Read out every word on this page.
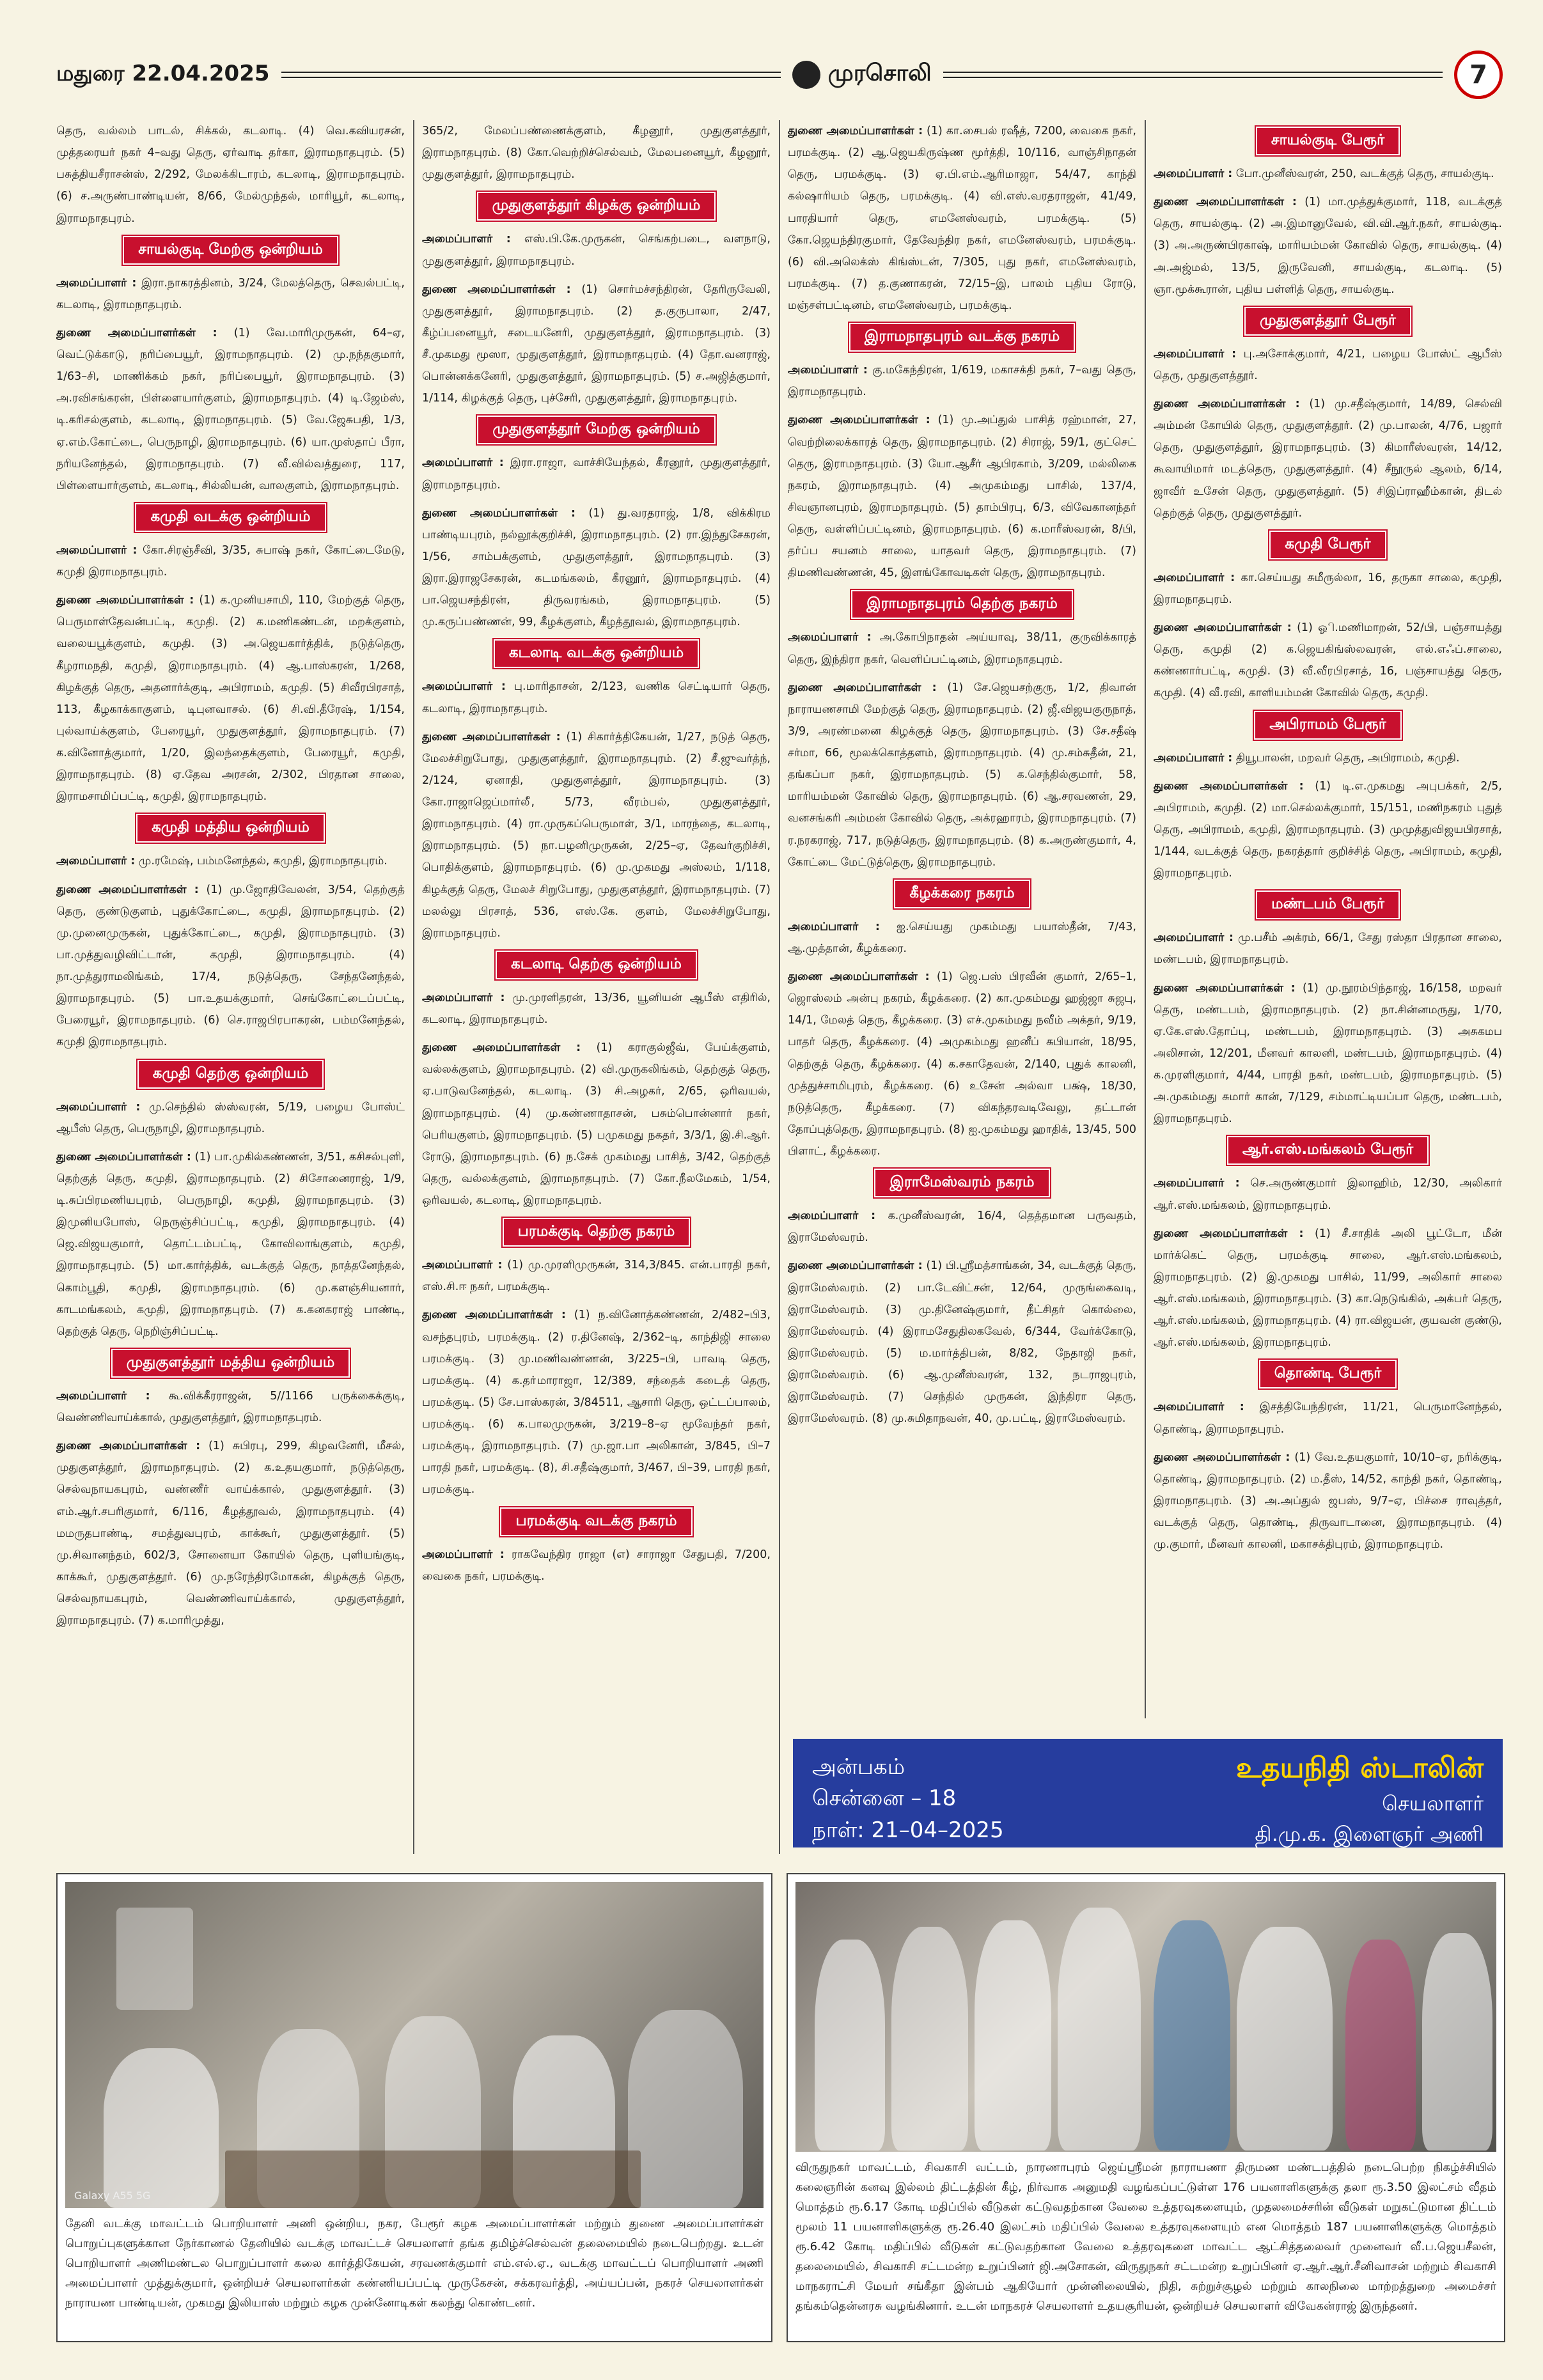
மதுரை 22.04.2025	முரசொலி	7

தெரு, வல்லம் பாடல், சிக்கல், கடலாடி. (4) வெ.கவியரசன், முத்தரையர் நகர் 4–வது தெரு, ஏர்வாடி தர்கா, இராமநாதபுரம். (5) பசுத்தியசீராசன்ஸ், 2/292, மேலக்கிடாரம், கடலாடி, இராமநாதபுரம். (6) ச.அருண்பாண்டியன், 8/66, மேல்முந்தல், மாரியூர், கடலாடி, இராமநாதபுரம்.

சாயல்குடி மேற்கு ஒன்றியம்

அமைப்பாளர் : இரா.நாகரத்தினம், 3/24, மேலத்தெரு, செவல்பட்டி, கடலாடி, இராமநாதபுரம்.

துணை அமைப்பாளர்கள் : (1) வே.மாரிமுருகன், 64–ஏ, வெட்டுக்காடு, நரிப்பையூர், இராமநாதபுரம். (2) மு.நந்தகுமார், 1/63–சி, மாணிக்கம் நகர், நரிப்பையூர், இராமநாதபுரம். (3) அ.ரவிசங்கரன், பிள்ளையார்குளம், இராமநாதபுரம். (4) டி.ஜேம்ஸ், டி.கரிசல்குளம், கடலாடி, இராமநாதபுரம். (5) வே.ஜேசுபதி, 1/3, ஏ.எம்.கோட்டை, பெருநாழி, இராமநாதபுரம். (6) யா.முஸ்தாப் பீரா, நரியனேந்தல், இராமநாதபுரம். (7) வீ.வில்வத்துரை, 117, பிள்ளையார்குளம், கடலாடி, சில்லியன், வாலகுளம், இராமநாதபுரம்.

கமுதி வடக்கு ஒன்றியம்

அமைப்பாளர் : கோ.சிரஞ்சீவி, 3/35, சுபாஷ் நகர், கோட்டைமேடு, கமுதி இராமநாதபுரம்.

துணை அமைப்பாளர்கள் : (1) க.முனியசாமி, 110, மேற்குத் தெரு, பெருமாள்தேவன்பட்டி, கமுதி. (2) க.மணிகண்டன், மறக்குளம், வலையபூக்குளம், கமுதி. (3) அ.ஜெயகார்த்திக், நடுத்தெரு, கீழராமநதி, கமுதி, இராமநாதபுரம். (4) ஆ.பாஸ்கரன், 1/268, கிழக்குத் தெரு, அதனார்க்குடி, அபிராமம், கமுதி. (5) சிவீரபிரசாத், 113, கீழகாக்காகுளம், டிபுனவாசல். (6) சி.வி.தீரேஷ், 1/154, புல்வாய்க்குளம், பேரையூர், முதுகுளத்தூர், இராமநாதபுரம். (7) க.வினோத்குமார், 1/20, இலந்தைக்குளம், பேரையூர், கமுதி, இராமநாதபுரம். (8) ஏ.தேவ அரசன், 2/302, பிரதான சாலை, இராமசாமிப்பட்டி, கமுதி, இராமநாதபுரம்.

கமுதி மத்திய ஒன்றியம்

அமைப்பாளர் : மு.ரமேஷ், பம்மனேந்தல், கமுதி, இராமநாதபுரம்.

துணை அமைப்பாளர்கள் : (1) மு.ஜோதிவேலன், 3/54, தெற்குத் தெரு, குண்டுகுளம், புதுக்கோட்டை, கமுதி, இராமநாதபுரம். (2) மு.முனைமுருகன், புதுக்கோட்டை, கமுதி, இராமநாதபுரம். (3) பா.முத்துவழிவிட்டான், கமுதி, இராமநாதபுரம். (4) நா.முத்துராமலிங்கம், 17/4, நடுத்தெரு, சேந்தனேந்தல், இராமநாதபுரம். (5) பா.உதயக்குமார், செங்கோட்டைப்பட்டி, பேரையூர், இராமநாதபுரம். (6) செ.ராஜபிரபாகரன், பம்மனேந்தல், கமுதி இராமநாதபுரம்.

கமுதி தெற்கு ஒன்றியம்

அமைப்பாளர் : மு.செந்தில் ஸ்ஸ்வரன், 5/19, பழைய போஸ்ட் ஆபீஸ் தெரு, பெருநாழி, இராமநாதபுரம்.

துணை அமைப்பாளர்கள் : (1) பா.முகில்கண்ணன், 3/51, கசிசல்புளி, தெற்குத் தெரு, கமுதி, இராமநாதபுரம். (2) சிசோனைராஜ், 1/9, டி.சுப்பிரமணியபுரம், பெருநாழி, கமுதி, இராமநாதபுரம். (3) இமுனியபோஸ், நெருஞ்சிப்பட்டி, கமுதி, இராமநாதபுரம். (4) ஜெ.விஜயகுமார், தொட்டம்பட்டி, கோவிலாங்குளம், கமுதி, இராமநாதபுரம். (5) மா.கார்த்திக், வடக்குத் தெரு, நாத்தனேந்தல், கொம்பூதி, கமுதி, இராமநாதபுரம். (6) மு.களஞ்சியனார், காடமங்கலம், கமுதி, இராமநாதபுரம். (7) க.கனகராஜ் பாண்டி, தெற்குத் தெரு, நெறிஞ்சிப்பட்டி.

முதுகுளத்தூர் மத்திய ஒன்றியம்

அமைப்பாளர் : கூ.விக்கீரராஜன், 5//1166 பருக்கைக்குடி, வெண்ணிவாய்க்கால், முதுகுளத்தூர், இராமநாதபுரம்.

துணை அமைப்பாளர்கள் : (1) சுபிரபு, 299, கிழவனேரி, மீசல், முதுகுளத்தூர், இராமநாதபுரம். (2) க.உதயகுமார், நடுத்தெரு, செல்வநாயகபுரம், வண்ணீர் வாய்க்கால், முதுகுளத்தூர். (3) எம்.ஆர்.சபரிகுமார், 6/116, கீழத்தூவல், இராமநாதபுரம். (4) மமருதபாண்டி, சமத்துவபுரம், காக்கூர், முதுகுளத்தூர். (5) மு.சிவானந்தம், 602/3, சோனையா கோயில் தெரு, புளியங்குடி, காக்கூர், முதுகுளத்தூர். (6) மு.நரேந்திரமோகன், கிழக்குத் தெரு, செல்வநாயகபுரம், வெண்ணிவாய்க்கால், முதுகுளத்தூர், இராமநாதபுரம். (7) க.மாரிமுத்து,

365/2, மேலப்பண்ணைக்குளம், கீழனூர், முதுகுளத்தூர், இராமநாதபுரம். (8) கோ.வெற்றிச்செல்வம், மேலபனையூர், கீழனூர், முதுகுளத்தூர், இராமநாதபுரம்.

முதுகுளத்தூர் கிழக்கு ஒன்றியம்

அமைப்பாளர் : எஸ்.பி.கே.முருகன், செங்கற்படை, வளநாடு, முதுகுளத்தூர், இராமநாதபுரம்.

துணை அமைப்பாளர்கள் : (1) சொர்மச்சந்திரன், தேரிருவேலி, முதுகுளத்தூர், இராமநாதபுரம். (2) த.குருபாலா, 2/47, கீழ்ப்பனையூர், சடையனேரி, முதுகுளத்தூர், இராமநாதபுரம். (3) சீ.முகமது மூஸா, முதுகுளத்தூர், இராமநாதபுரம். (4) தோ.வனராஜ், பொன்னக்கனேரி, முதுகுளத்தூர், இராமநாதபுரம். (5) ச.அஜித்குமார், 1/114, கிழக்குத் தெரு, புச்சேரி, முதுகுளத்தூர், இராமநாதபுரம்.

முதுகுளத்தூர் மேற்கு ஒன்றியம்

அமைப்பாளர் : இரா.ராஜா, வாச்சியேந்தல், கீரனூர், முதுகுளத்தூர், இராமநாதபுரம்.

துணை அமைப்பாளர்கள் : (1) து.வரதராஜ், 1/8, விக்கிரம பாண்டியபுரம், நல்லூக்குறிச்சி, இராமநாதபுரம். (2) ரா.இந்துசேகரன், 1/56, சாம்பக்குளம், முதுகுளத்தூர், இராமநாதபுரம். (3) இரா.இராஜசேகரன், கடமங்கலம், கீரனூர், இராமநாதபுரம். (4) பா.ஜெயசந்திரன், திருவரங்கம், இராமநாதபுரம். (5) மு.கருப்பண்ணன், 99, கீழக்குளம், கீழத்தூவல், இராமநாதபுரம்.

கடலாடி வடக்கு ஒன்றியம்

அமைப்பாளர் : பு.மாரிதாசன், 2/123, வணிக செட்டியார் தெரு, கடலாடி, இராமநாதபுரம்.

துணை அமைப்பாளர்கள் : (1) சிகார்த்திகேயன், 1/27, நடுத் தெரு, மேலச்சிறுபோது, முதுகுளத்தூர், இராமநாதபுரம். (2) சீ.ஜுவர்த்ந், 2/124, ஏனாதி, முதுகுளத்தூர், இராமநாதபுரம். (3) கோ.ராஜாஜெப்மார்லீ், 5/73, வீரம்பல், முதுகுளத்தூர், இராமநாதபுரம். (4) ரா.முருகப்பெருமாள், 3/1, மாரந்தை, கடலாடி, இராமநாதபுரம். (5) நா.பழனிமுருகன், 2/25–ஏ, தேவர்குறிச்சி, பொதிக்குளம், இராமநாதபுரம். (6) மு.முகமது அஸ்லம், 1/118, கிழக்குத் தெரு, மேலச் சிறுபோது, முதுகுளத்தூர், இராமநாதபுரம். (7) மலல்லு பிரசாத், 536, எஸ்.கே. குளம், மேலச்சிறுபோது, இராமநாதபுரம்.

கடலாடி தெற்கு ஒன்றியம்

அமைப்பாளர் : மு.முரளிதரன், 13/36, யூனியன் ஆபீஸ் எதிரில், கடலாடி, இராமநாதபுரம்.

துணை அமைப்பாளர்கள் : (1) கராகுல்ஜீவ், பேய்க்குளம், வல்லக்குளம், இராமநாதபுரம். (2) வி.முருகலிங்கம், தெற்குத் தெரு, ஏ.பாடுவனேந்தல், கடலாடி. (3) சி.அழகர், 2/65, ஒரிவயல், இராமநாதபுரம். (4) மு.கண்ணாதாசன், பசும்பொன்னார் நகர், பெரியகுளம், இராமநாதபுரம். (5) பமுகமது நகதர், 3/3/1, இ.சி.ஆர். ரோடு, இராமநாதபுரம். (6) ந.சேக் முகம்மது பாசித், 3/42, தெற்குத் தெரு, வல்லக்குளம், இராமநாதபுரம். (7) கோ.நீலமேகம், 1/54, ஒரிவயல், கடலாடி, இராமநாதபுரம்.

பரமக்குடி தெற்கு நகரம்

அமைப்பாளர் : (1) மு.முரளிமுருகன், 314,3/845. என்.பாரதி நகர், எஸ்.சி.ஈ நகர், பரமக்குடி.

துணை அமைப்பாளர்கள் : (1) ந.வினோத்கண்ணன், 2/482–பி3, வசந்தபுரம், பரமக்குடி. (2) ர.தினேஷ், 2/362–டி, காந்திஜி சாலை பரமக்குடி. (3) மு.மணிவண்ணன், 3/225–பி, பாவடி தெரு, பரமக்குடி. (4) க.தா்மாராஜா, 12/389, சந்தைக் கடைத் தெரு, பரமக்குடி. (5) சே.பாஸ்கரன், 3/84511, ஆசாரி தெரு, ஒட்டப்பாலம், பரமக்குடி. (6) க.பாலமுருகன், 3/219–8–ஏ மூவேந்தர் நகர், பரமக்குடி, இராமநாதபுரம். (7) மு.ஜா.பா அலிகான், 3/845, பி–7 பாரதி நகர், பரமக்குடி. (8), சி.சதீஷ்குமார், 3/467, பி–39, பாரதி நகர், பரமக்குடி.

பரமக்குடி வடக்கு நகரம்

அமைப்பாளர் : ராகவேந்திர ராஜா (எ) சாராஜா சேதுபதி, 7/200, வைகை நகர், பரமக்குடி.

துணை அமைப்பாளர்கள் : (1) கா.சைபல் ரஷீத், 7200, வைகை நகர், பரமக்குடி. (2) ஆ.ஜெயகிருஷ்ண மூர்த்தி, 10/116, வாஞ்சிநாதன் தெரு, பரமக்குடி. (3) ஏ.பி.எம்.ஆரிமாஜா, 54/47, காந்தி கல்ஷாரியம் தெரு, பரமக்குடி. (4) வி.எஸ்.வரதராஜன், 41/49, பாரதியார் தெரு, எமனேஸ்வரம், பரமக்குடி. (5) கோ.ஜெயந்திரகுமார், தேவேந்திர நகர், எமனேஸ்வரம், பரமக்குடி. (6) வி.அலெக்ஸ் கிங்ஸ்டன், 7/305, புது நகர், எமனேஸ்வரம், பரமக்குடி. (7) த.குணாகரன், 72/15–இ, பாலம் புதிய ரோடு, மஞ்சள்பட்டினம், எமனேஸ்வரம், பரமக்குடி.

இராமநாதபுரம் வடக்கு நகரம்

அமைப்பாளர் : கு.மகேந்திரன், 1/619, மகாசக்தி நகர், 7–வது தெரு, இராமநாதபுரம்.

துணை அமைப்பாளர்கள் : (1) மு.அப்துல் பாசித் ரஹ்மான், 27, வெற்றிலைக்காரத் தெரு, இராமநாதபுரம். (2) சிராஜ், 59/1, குட்செட் தெரு, இராமநாதபுரம். (3) யோ.ஆசீர் ஆபிரகாம், 3/209, மல்லிகை நகரம், இராமநாதபுரம். (4) அமுகம்மது பாசில், 137/4, சிவஞானபுரம், இராமநாதபுரம். (5) தாம்பிரபு, 6/3, விவேகானந்தர் தெரு, வள்ளிப்பட்டினம், இராமநாதபுரம். (6) க.மாரீஸ்வரன், 8/பி, தர்ப்ப சயனம் சாலை, யாதவர் தெரு, இராமநாதபுரம். (7) திமணிவண்ணன், 45, இளங்கோவடிகள் தெரு, இராமநாதபுரம்.

இராமநாதபுரம் தெற்கு நகரம்

அமைப்பாளர் : அ.கோபிநாதன் அய்யாவு, 38/11, குருவிக்காரத் தெரு, இந்திரா நகர், வெளிப்பட்டினம், இராமநாதபுரம்.

துணை அமைப்பாளர்கள் : (1) சே.ஜெயசற்குரு, 1/2, திவான் நாராயணசாமி மேற்குத் தெரு, இராமநாதபுரம். (2) ஜீ.விஜயகுருநாத், 3/9, அரண்மனை கிழக்குத் தெரு, இராமநாதபுரம். (3) சே.சதீஷ் சர்மா, 66, மூலக்கொத்தளம், இராமநாதபுரம். (4) மு.சம்சுதீன், 21, தங்கப்பா நகர், இராமநாதபுரம். (5) க.செந்தில்குமார், 58, மாரியம்மன் கோவில் தெரு, இராமநாதபுரம். (6) ஆ.சரவணன், 29, வனசங்கரி அம்மன் கோவில் தெரு, அக்ரஹாரம், இராமநாதபுரம். (7) ர.நரகராஜ், 717, நடுத்தெரு, இராமநாதபுரம். (8) க.அருண்குமார், 4, கோட்டை மேட்டுத்தெரு, இராமநாதபுரம்.

கீழக்கரை நகரம்

அமைப்பாளர் : ஐ.செய்யது முகம்மது பயாஸ்தீன், 7/43, ஆ.முத்தான், கீழக்கரை.

துணை அமைப்பாளர்கள் : (1) ஜெ.பஸ் பிரவீன் குமார், 2/65–1, ஜொஸ்லம் அன்பு நகரம், கீழக்கரை. (2) கா.முகம்மது ஹஜ்ஜா சுஜபு, 14/1, மேலத் தெரு, கீழக்கரை. (3) எச்.முகம்மது நவீம் அக்தர், 9/19, பாதர் தெரு, கீழக்கரை. (4) அமுகம்மது ஹனீப் சுபியான், 18/95, தெற்குத் தெரு, கீழக்கரை. (4) க.சகாதேவன், 2/140, புதுக் காலனி, முத்துச்சாமிபுரம், கீழக்கரை. (6) உசேன் அல்வா பக்ஷ், 18/30, நடுத்தெரு, கீழக்கரை. (7) விகந்தரவடிவேலு, தட்டான் தோப்புத்தெரு, இராமநாதபுரம். (8) ஐ.முகம்மது ஹாதிக், 13/45, 500 பிளாட், கீழக்கரை.

இராமேஸ்வரம் நகரம்

அமைப்பாளர் : க.முனீஸ்வரன், 16/4, தெத்தமான பருவதம், இராமேஸ்வரம்.

துணை அமைப்பாளர்கள் : (1) பி.ஸ்ரீமத்சாங்கன், 34, வடக்குத் தெரு, இராமேஸ்வரம். (2) பா.டேவிட்சன், 12/64, முருங்கைவடி, இராமேஸ்வரம். (3) மு.தினேஷ்குமார், தீட்சிதர் கொல்லை, இராமேஸ்வரம். (4) இராமசேதுதிலகவேல், 6/344, வேர்க்கோடு, இராமேஸ்வரம். (5) ம.மார்த்திபன், 8/82, நேதாஜி நகர், இராமேஸ்வரம். (6) ஆ.முனீஸ்வரன், 132, நடராஜபுரம், இராமேஸ்வரம். (7) செந்தில் முருகன், இந்திரா தெரு, இராமேஸ்வரம். (8) மு.சுமிதாநவன், 40, மு.பட்டி, இராமேஸ்வரம்.

சாயல்குடி பேரூர்

அமைப்பாளர் : போ.முனீஸ்வரன், 250, வடக்குத் தெரு, சாயல்குடி.

துணை அமைப்பாளர்கள் : (1) மா.முத்துக்குமார், 118, வடக்குத் தெரு, சாயல்குடி. (2) அ.இமானுவேல், வி.வி.ஆர்.நகர், சாயல்குடி. (3) அ.அருண்பிரகாஷ், மாரியம்மன் கோவில் தெரு, சாயல்குடி. (4) அ.அஜ்மல், 13/5, இருவேனி, சாயல்குடி, கடலாடி. (5) ஞா.மூக்கூரான், புதிய பள்ளித் தெரு, சாயல்குடி.

முதுகுளத்தூர் பேரூர்

அமைப்பாளர் : பு.அசோக்குமார், 4/21, பழைய போஸ்ட் ஆபீஸ் தெரு, முதுகுளத்தூர்.

துணை அமைப்பாளர்கள் : (1) மு.சதீஷ்குமார், 14/89, செல்வி அம்மன் கோயில் தெரு, முதுகுளத்தூர். (2) மு.பாலன், 4/76, பஜார் தெரு, முதுகுளத்தூர், இராமநாதபுரம். (3) கிமாரீஸ்வரன், 14/12, கூவாயிமார் மடத்தெரு, முதுகுளத்தூர். (4) சீநூருல் ஆலம், 6/14, ஜாவீர் உசேன் தெரு, முதுகுளத்தூர். (5) சிஇப்ராஹீம்கான், திடல் தெற்குத் தெரு, முதுகுளத்தூர்.

கமுதி பேரூர்

அமைப்பாளர் : கா.செய்யது சுமீருல்லா, 16, தருகா சாலை, கமுதி, இராமநாதபுரம்.

துணை அமைப்பாளர்கள் : (1) ஓி.மணிமாறன், 52/பி, பஞ்சாயத்து தெரு, கமுதி (2) க.ஜெயகிங்ஸ்லவரன், எல்.எஃப்.சாலை, கண்ணார்பட்டி, கமுதி. (3) வீ.வீரபிரசாத், 16, பஞ்சாயத்து தெரு, கமுதி. (4) வீ.ரவி, காளியம்மன் கோவில் தெரு, கமுதி.

அபிராமம் பேரூர்

அமைப்பாளர் : தியூபாலன், மறவர் தெரு, அபிராமம், கமுதி.

துணை அமைப்பாளர்கள் : (1) டி.எ.முகமது அபுபக்கர், 2/5, அபிராமம், கமுதி. (2) மா.செல்லக்குமார், 15/151, மணிநகரம் புதுத் தெரு, அபிராமம், கமுதி, இராமநாதபுரம். (3) முமுத்துவிஜயபிரசாத், 1/144, வடக்குத் தெரு, நகரத்தார் குறிச்சித் தெரு, அபிராமம், கமுதி, இராமநாதபுரம்.

மண்டபம் பேரூர்

அமைப்பாளர் : மு.பசீம் அக்ரம், 66/1, சேது ரஸ்தா பிரதான சாலை, மண்டபம், இராமநாதபுரம்.

துணை அமைப்பாளர்கள் : (1) மு.நூரம்பிந்தாஜ், 16/158, மறவர் தெரு, மண்டபம், இராமநாதபுரம். (2) நா.சின்னமருது, 1/70, ஏ.கே.எஸ்.தோப்பு, மண்டபம், இராமநாதபுரம். (3) அசுகமப அலிசான், 12/201, மீனவர் காலனி, மண்டபம், இராமநாதபுரம். (4) க.முரளிகுமார், 4/44, பாரதி நகர், மண்டபம், இராமநாதபுரம். (5) அ.முகம்மது சுமார் கான், 7/129, சம்மாட்டியப்பா தெரு, மண்டபம், இராமநாதபுரம்.

ஆர்.எஸ்.மங்கலம் பேரூர்

அமைப்பாளர் : செ.அருண்குமார் இலாஹிம், 12/30, அலிகார் ஆர்.எஸ்.மங்கலம், இராமநாதபுரம்.

துணை அமைப்பாளர்கள் : (1) சீ.சாதிக் அலி பூட்டோ, மீன் மார்க்கெட் தெரு, பரமக்குடி சாலை, ஆர்.எஸ்.மங்கலம், இராமநாதபுரம். (2) இ.முகமது பாசில், 11/99, அலிகார் சாலை ஆர்.எஸ்.மங்கலம், இராமநாதபுரம். (3) கா.நெடுங்கில், அக்பர் தெரு, ஆர்.எஸ்.மங்கலம், இராமநாதபுரம். (4) ரா.விஜயன், குயவன் குண்டு, ஆர்.எஸ்.மங்கலம், இராமநாதபுரம்.

தொண்டி பேரூர்

அமைப்பாளர் : இசத்தியேந்திரன், 11/21, பெருமானேந்தல், தொண்டி, இராமநாதபுரம்.

துணை அமைப்பாளர்கள் : (1) வே.உதயகுமார், 10/10–ஏ, நரிக்குடி, தொண்டி, இராமநாதபுரம். (2) ம.தீஸ், 14/52, காந்தி நகர், தொண்டி, இராமநாதபுரம். (3) அ.அப்துல் ஜபஸ், 9/7–ஏ, பிச்சை ராவுத்தர், வடக்குத் தெரு, தொண்டி, திருவாடானை, இராமநாதபுரம். (4) மு.குமார், மீனவர் காலனி, மகாசக்திபுரம், இராமநாதபுரம்.

அன்பகம்
சென்னை – 18
நாள்: 21–04–2025
உதயநிதி ஸ்டாலின்
செயலாளர்
தி.மு.க. இளைஞர் அணி
Galaxy A55 5G
தேனி வடக்கு மாவட்டம் பொறியாளர் அணி ஒன்றிய, நகர, பேரூர் கழக அமைப்பாளர்கள் மற்றும் துணை அமைப்பாளர்கள் பொறுப்புகளுக்கான நேர்காணல் தேனியில் வடக்கு மாவட்டச் செயலாளர் தங்க தமிழ்ச்செல்வன் தலைமையில் நடைபெற்றது. உடன் பொறியாளர் அணிமண்டல பொறுப்பாளர் கலை கார்த்திகேயன், சரவணக்குமார் எம்.எல்.ஏ., வடக்கு மாவட்டப் பொறியாளர் அணி அமைப்பாளர் முத்துக்குமார், ஒன்றியச் செயலாளர்கள் கண்ணியப்பட்டி முருகேசன், சக்கரவர்த்தி, அய்யப்பன், நகரச் செயலாளர்கள் நாராயண பாண்டியன், முகமது இலியாஸ் மற்றும் கழக முன்னோடிகள் கலந்து கொண்டனர்.
விருதுநகர் மாவட்டம், சிவகாசி வட்டம், நாரணாபுரம் ஜெய்ஸ்ரீமன் நாராயணா திருமண மண்டபத்தில் நடைபெற்ற நிகழ்ச்சியில் கலைஞரின் கனவு இல்லம் திட்டத்தின் கீழ், நிர்வாக அனுமதி வழங்கப்பட்டுள்ள 176 பயனாளிகளுக்கு தலா ரூ.3.50 இலட்சம் வீதம் மொத்தம் ரூ.6.17 கோடி மதிப்பில் வீடுகள் கட்டுவதற்கான வேலை உத்தரவுகளையும், முதலமைச்சரின் வீடுகள் மறுகட்டுமான திட்டம் மூலம் 11 பயனாளிகளுக்கு ரூ.26.40 இலட்சம் மதிப்பில் வேலை உத்தரவுகளையும் என மொத்தம் 187 பயனாளிகளுக்கு மொத்தம் ரூ.6.42 கோடி மதிப்பில் வீடுகள் கட்டுவதற்கான வேலை உத்தரவுகளை மாவட்ட ஆட்சித்தலைவர் முனைவர் வீ.ப.ஜெயசீலன், தலைமையில், சிவகாசி சட்டமன்ற உறுப்பினர் ஜி.அசோகன், விருதுநகர் சட்டமன்ற உறுப்பினர் ஏ.ஆர்.ஆர்.சீனிவாசன் மற்றும் சிவகாசி மாநகராட்சி மேயர் சங்கீதா இன்பம் ஆகியோர் முன்னிலையில், நிதி, சுற்றுச்சூழல் மற்றும் காலநிலை மாற்றத்துறை அமைச்சர் தங்கம்தென்னரசு வழங்கினார். உடன் மாநகரச் செயலாளர் உதயசூரியன், ஒன்றியச் செயலாளர் விவேகன்ராஜ் இருந்தனர்.
